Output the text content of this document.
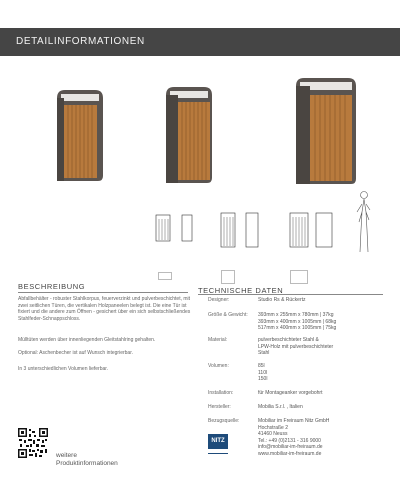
DETAILINFORMATIONEN
BESCHREIBUNG
Abfallbehälter - robuster Stahlkorpus, feuerverzinkt und pulverbeschichtet, mit zwei seitlichen Türen, die vertikalen Holzpaneelen belegt ist. Die eine Tür ist fixiert und die andere zum Öffnen - gesichert über ein sich selbstschließendes Stahlfeder-Schnappschloss.
Mülltüten werden über innenliegenden Gleitstahlring gehalten.
Optional: Aschenbecher ist auf Wunsch integrierbar.
In 3 unterschiedlichen Volumen lieferbar.
TECHNISCHE DATEN
Designer:	Studio Rs & Rückertz
Größe & Gewicht: 393mm x 255mm x 780mm | 37kg
393mm x 400mm x 1005mm | 68kg
517mm x 400mm x 1005mm | 75kg
Material:	pulverbeschichteter Stahl &
LPW-Holz mit pulverbeschichteter
Stahl
Volumen:	85l
110l
150l
Installation:	für Montageanker vorgebohrt
Hersteller:	Mobilia S.r.l. , Italien
Bezugsquelle:	Mobiliar im Freiraum Nitz GmbH
Hochstraße 2
41460 Neuss
Tel.: +49 (0)2131 - 316 9000
info@mobiliar-im-freiraum.de
www.mobiliar-im-freiraum.de
NITZ
weitere
Produktinformationen
